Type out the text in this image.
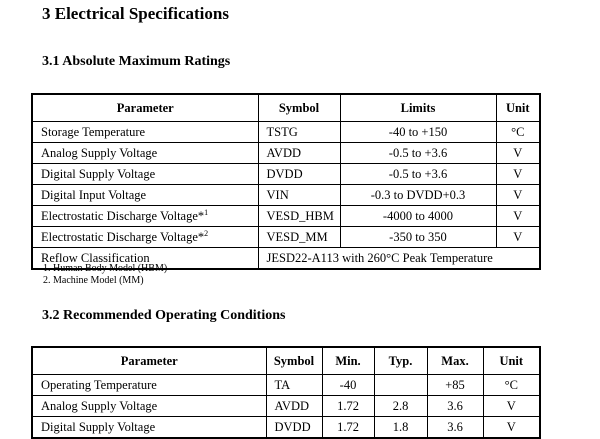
3 Electrical Specifications
3.1 Absolute Maximum Ratings
Parameter	Symbol	Limits	Unit
Storage Temperature	TSTG	-40 to +150	°C
Analog Supply Voltage	AVDD	-0.5 to +3.6	V
Digital Supply Voltage	DVDD	-0.5 to +3.6	V
Digital Input Voltage	VIN	-0.3 to DVDD+0.3	V
Electrostatic Discharge Voltage*$^1$	VESD_HBM	-4000 to 4000	V
Electrostatic Discharge Voltage*$^2$	VESD_MM	-350 to 350	V
Reflow Classification	JESD22-A113 with 260°C Peak Temperature		
1. Human Body Model (HBM)
2. Machine Model (MM)
3.2 Recommended Operating Conditions
Parameter	Symbol	Min.	Typ.	Max.	Unit
Operating Temperature	TA	-40		+85	°C
Analog Supply Voltage	AVDD	1.72	2.8	3.6	V
Digital Supply Voltage	DVDD	1.72	1.8	3.6	V
